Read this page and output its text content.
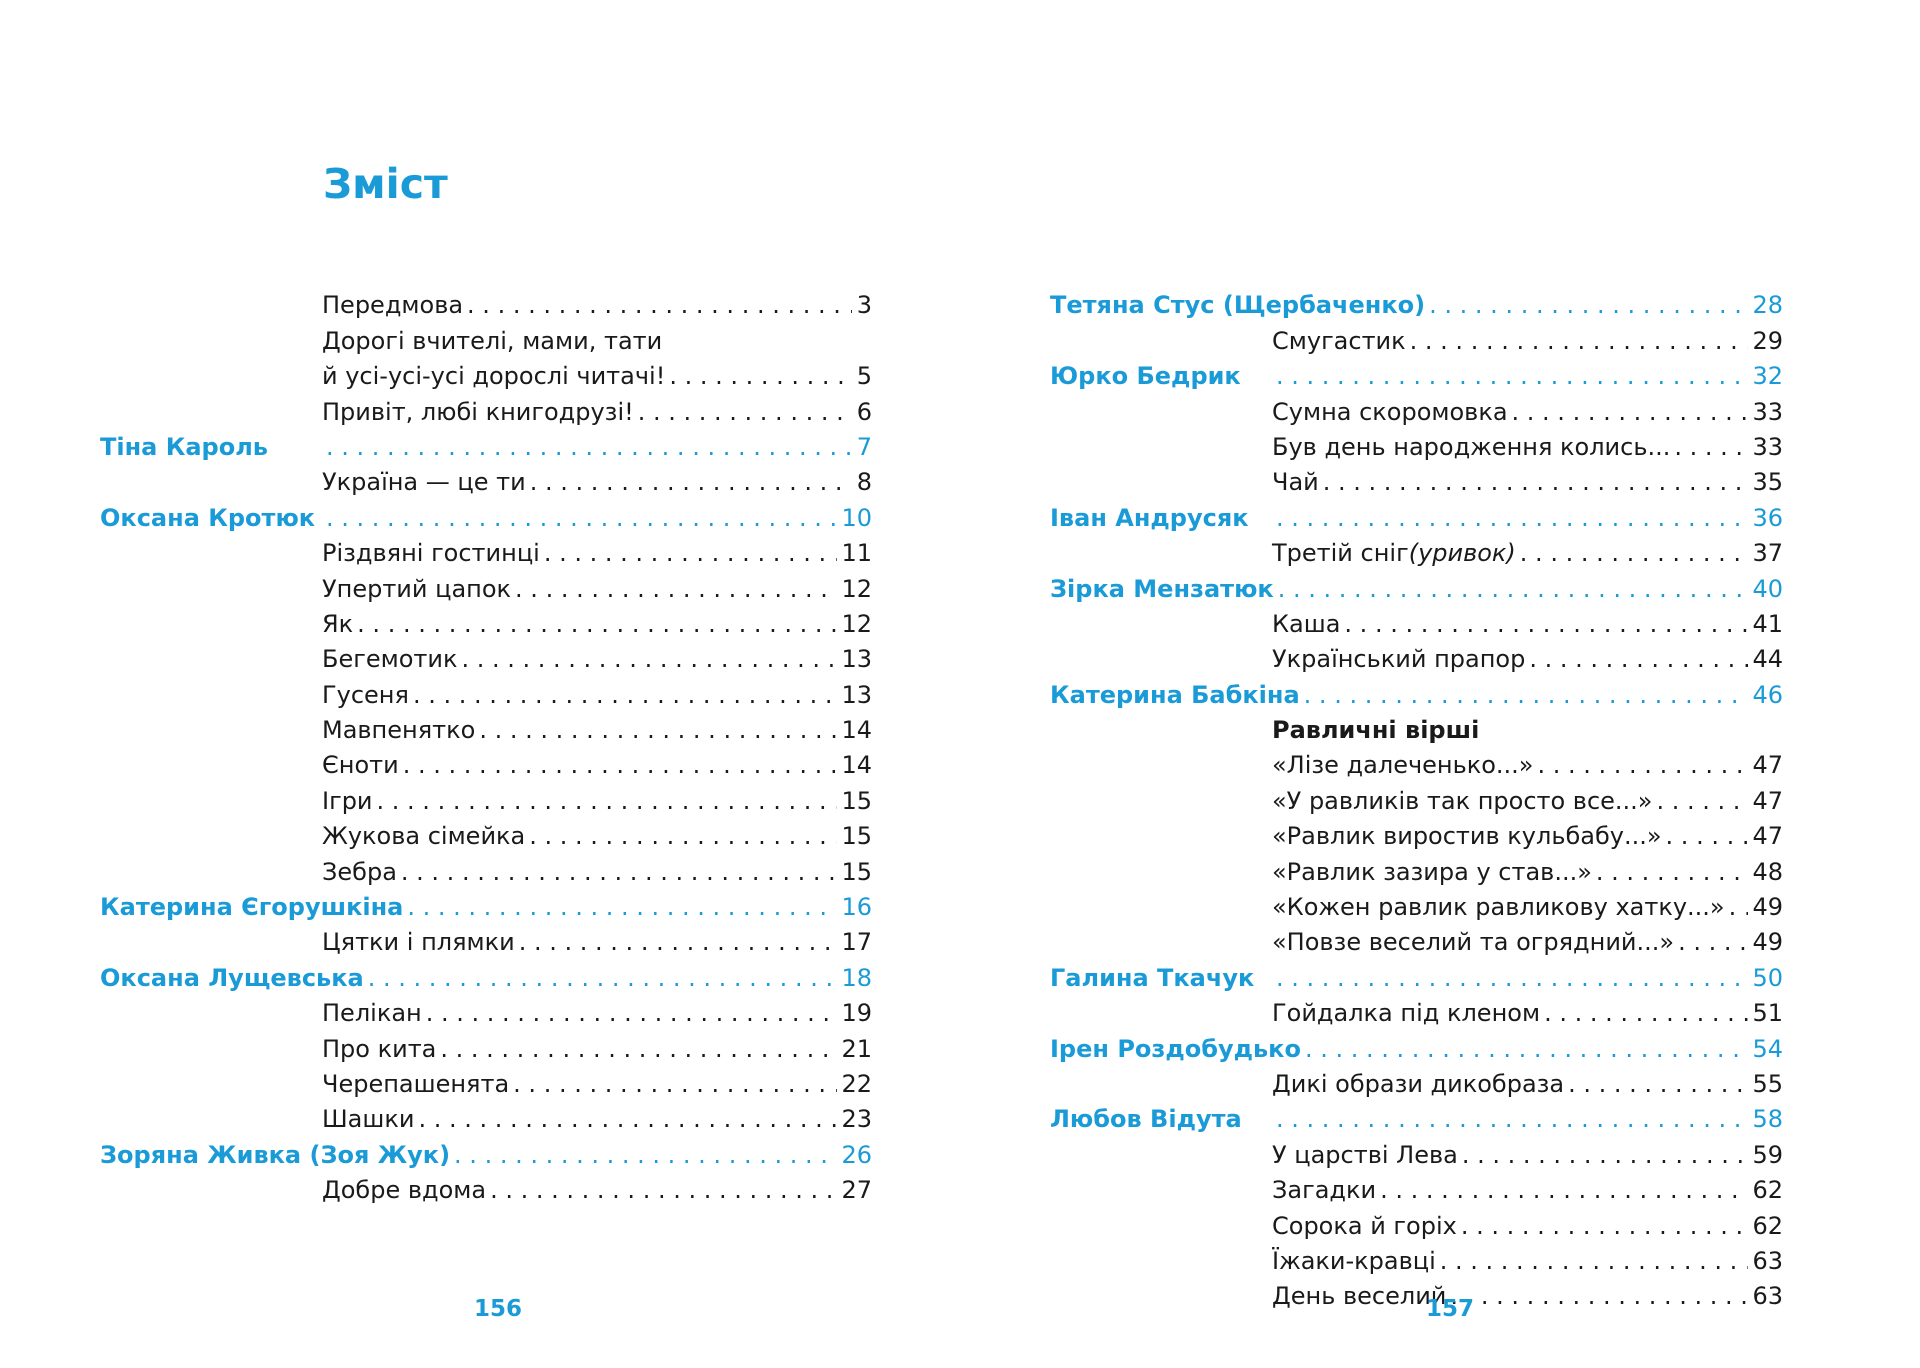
Зміст
Передмова . . .	3
Дорогі вчителі, мами, тати
й усі-усі-усі дорослі читачі! . . .	5
Привіт, любі книгодрузі! . . .	6
Тіна Кароль . . .	7
Україна — це ти . . .	8
Оксана Кротюк . . .	10
Різдвяні гостинці . . .	11
Упертий цапок . . .	12
Як . . .	12
Бегемотик . . .	13
Гусеня . . .	13
Мавпенятко . . .	14
Єноти . . .	14
Ігри . . .	15
Жукова сімейка . . .	15
Зебра . . .	15
Катерина Єгорушкіна . . .	16
Цятки і плямки . . .	17
Оксана Лущевська . . .	18
Пелікан . . .	19
Про кита . . .	21
Черепашенята . . .	22
Шашки . . .	23
Зоряна Живка (Зоя Жук) . . .	26
Добре вдома . . .	27
156
Тетяна Стус (Щербаченко) . . .	28
Смугастик . . .	29
Юрко Бедрик . . .	32
Сумна скоромовка . . .	33
Був день народження колись... . . .	33
Чай . . .	35
Іван Андрусяк . . .	36
Третій сніг (уривок) . . .	37
Зірка Мензатюк . . .	40
Каша . . .	41
Український прапор . . .	44
Катерина Бабкіна . . .	46
Равличні вірші
«Лізе далеченько...» . . .	47
«У равликів так просто все...» . . .	47
«Равлик виростив кульбабу...» . . .	47
«Равлик зазира у став...» . . .	48
«Кожен равлик равликову хатку...» . . . 49
«Повзе веселий та огрядний...» . . .	49
Галина Ткачук . . .	50
Гойдалка під кленом . . .	51
Ірен Роздобудько . . .	54
Дикі образи дикобраза . . .	55
Любов Відута . . .	58
У царстві Лева . . .	59
Загадки . . .	62
Сорока й горіх . . .	62
Їжаки-кравці . . .	63
День веселий . . .	63
157
